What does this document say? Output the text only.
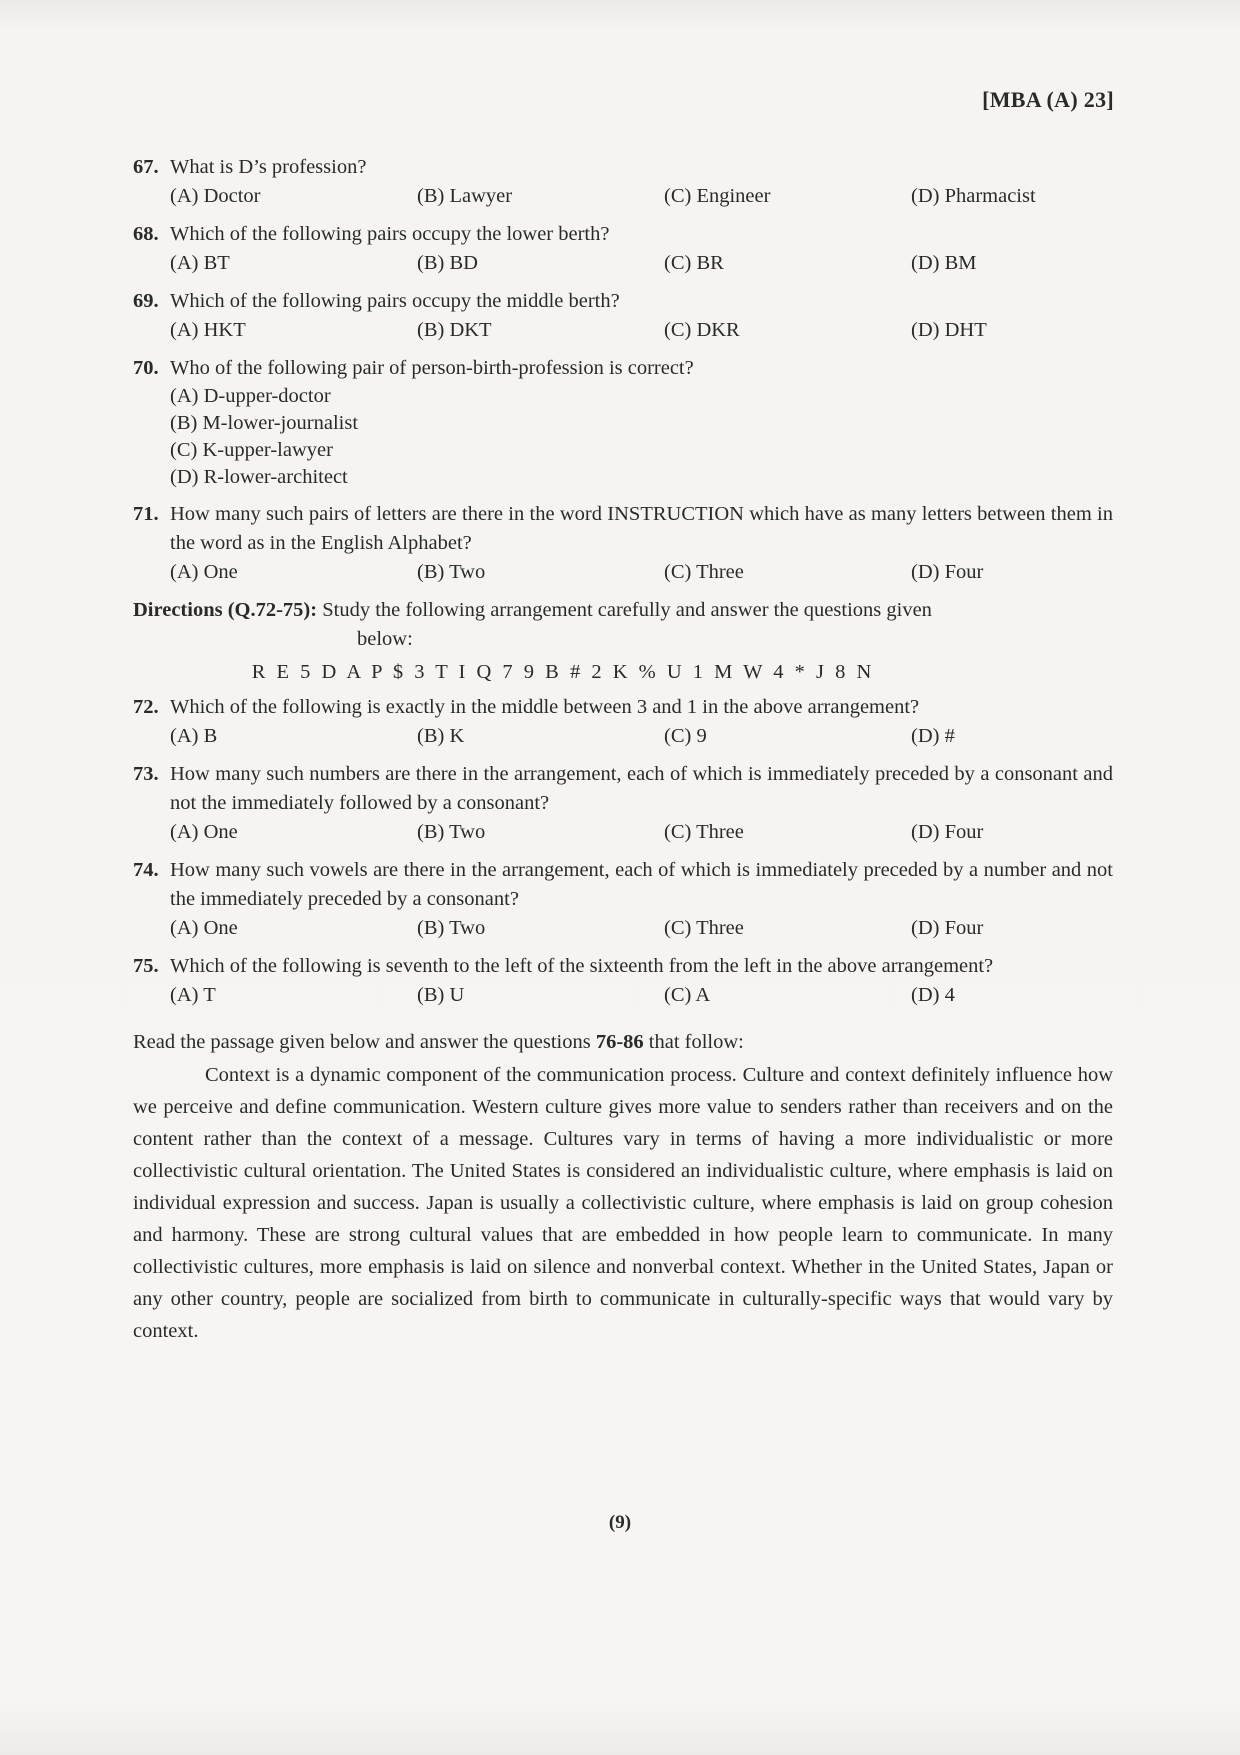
[MBA (A) 23]
67. What is D’s profession?
(A) Doctor	(B) Lawyer	(C) Engineer	(D) Pharmacist
68. Which of the following pairs occupy the lower berth?
(A) BT	(B) BD	(C) BR	(D) BM
69. Which of the following pairs occupy the middle berth?
(A) HKT	(B) DKT	(C) DKR	(D) DHT
70. Who of the following pair of person-birth-profession is correct?
(A) D-upper-doctor
(B) M-lower-journalist
(C) K-upper-lawyer
(D) R-lower-architect
71. How many such pairs of letters are there in the word INSTRUCTION which have as many letters between them in the word as in the English Alphabet?
(A) One	(B) Two	(C) Three	(D) Four
Directions (Q.72-75): Study the following arrangement carefully and answer the questions given
below:
R E 5 D A P $ 3 T I Q 7 9 B # 2 K % U 1 M W 4 * J 8 N
72. Which of the following is exactly in the middle between 3 and 1 in the above arrangement?
(A) B	(B) K	(C) 9	(D) #
73. How many such numbers are there in the arrangement, each of which is immediately preceded by a consonant and not the immediately followed by a consonant?
(A) One	(B) Two	(C) Three	(D) Four
74. How many such vowels are there in the arrangement, each of which is immediately preceded by a number and not the immediately preceded by a consonant?
(A) One	(B) Two	(C) Three	(D) Four
75. Which of the following is seventh to the left of the sixteenth from the left in the above arrangement?
(A) T	(B) U	(C) A	(D) 4
Read the passage given below and answer the questions 76-86 that follow:
Context is a dynamic component of the communication process. Culture and context definitely influence how we perceive and define communication. Western culture gives more value to senders rather than receivers and on the content rather than the context of a message. Cultures vary in terms of having a more individualistic or more collectivistic cultural orientation. The United States is considered an individualistic culture, where emphasis is laid on individual expression and success. Japan is usually a collectivistic culture, where emphasis is laid on group cohesion and harmony. These are strong cultural values that are embedded in how people learn to communicate. In many collectivistic cultures, more emphasis is laid on silence and nonverbal context. Whether in the United States, Japan or any other country, people are socialized from birth to communicate in culturally-specific ways that would vary by context.
(9)
